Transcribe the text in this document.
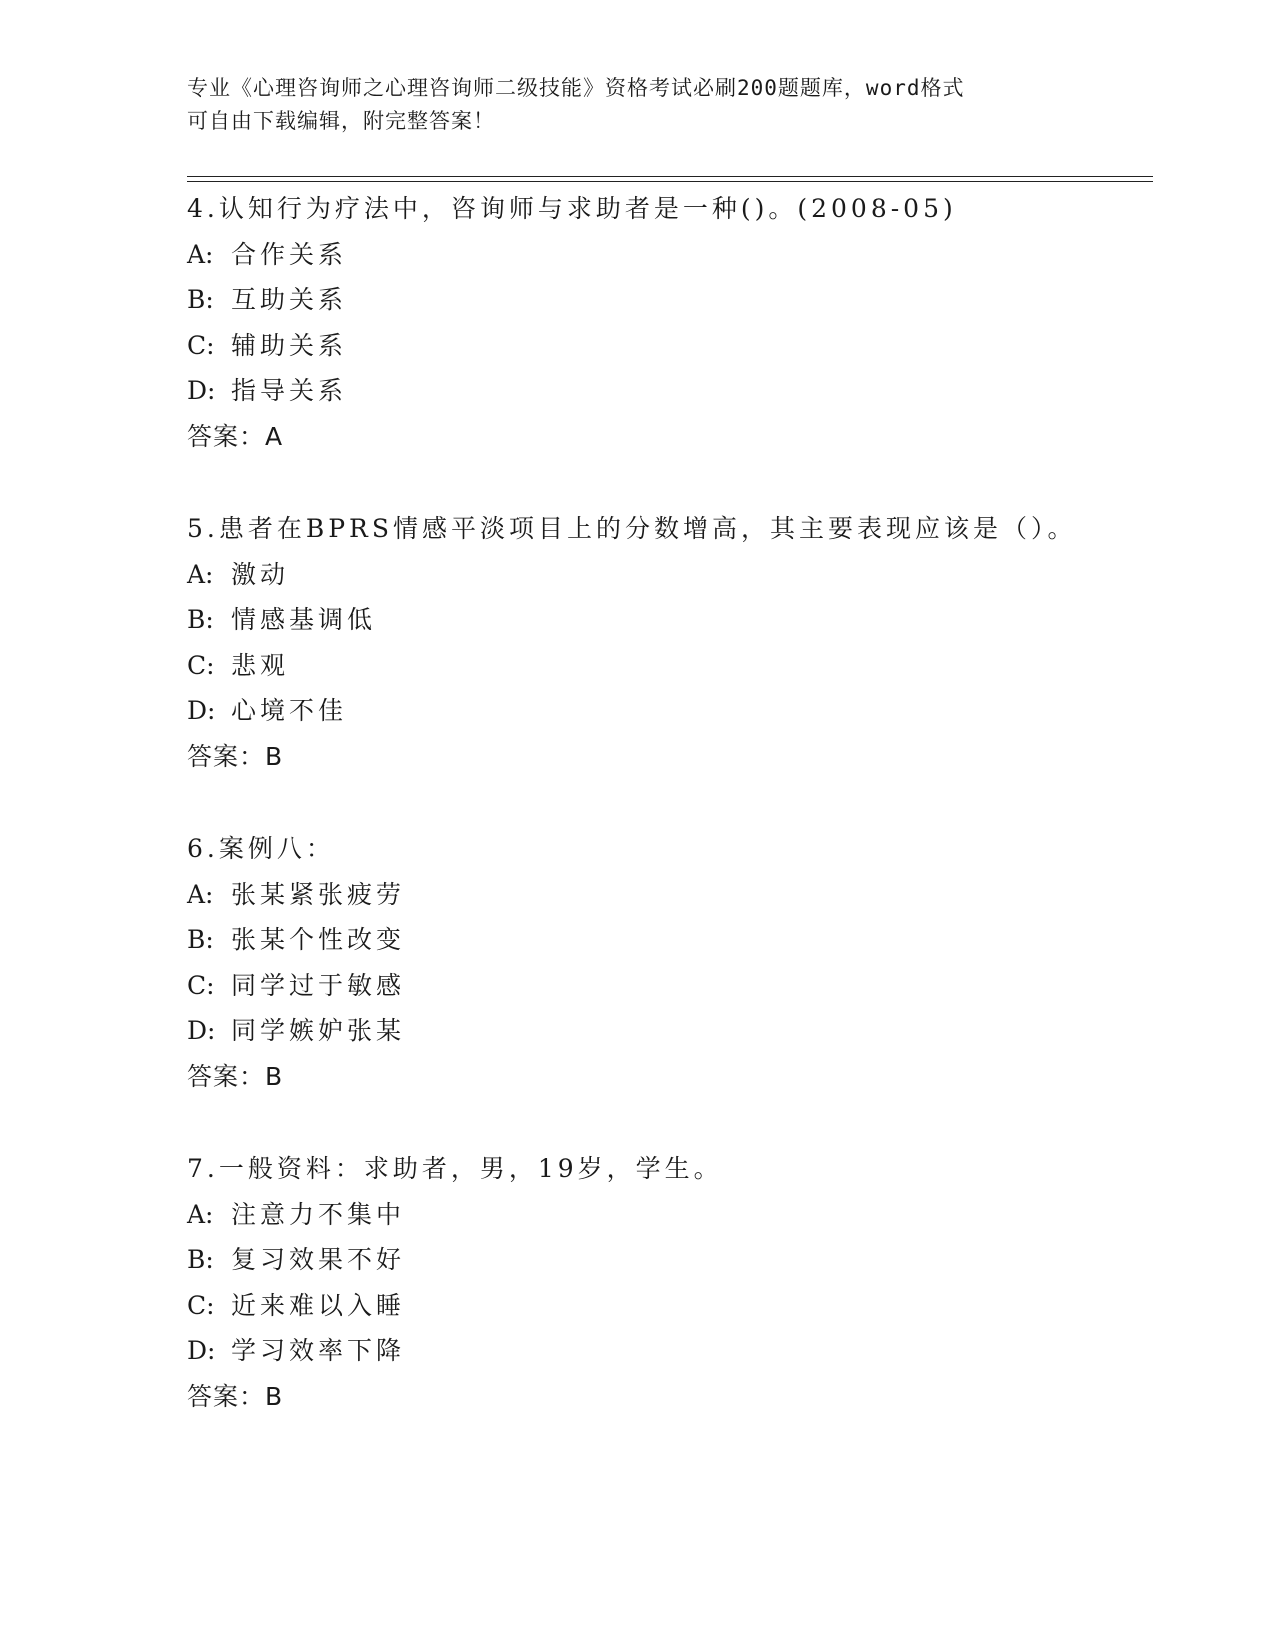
专业《心理咨询师之心理咨询师二级技能》资格考试必刷200题题库，word格式
可自由下载编辑，附完整答案！
4.认知行为疗法中，咨询师与求助者是一种()。(2008-05)
A: 合作关系
B: 互助关系
C: 辅助关系
D: 指导关系
答案：A
5.患者在BPRS情感平淡项目上的分数增高，其主要表现应该是（）。
A: 激动
B: 情感基调低
C: 悲观
D: 心境不佳
答案：B
6.案例八：
A: 张某紧张疲劳
B: 张某个性改变
C: 同学过于敏感
D: 同学嫉妒张某
答案：B
7.一般资料：求助者，男，19岁，学生。
A: 注意力不集中
B: 复习效果不好
C: 近来难以入睡
D: 学习效率下降
答案：B
